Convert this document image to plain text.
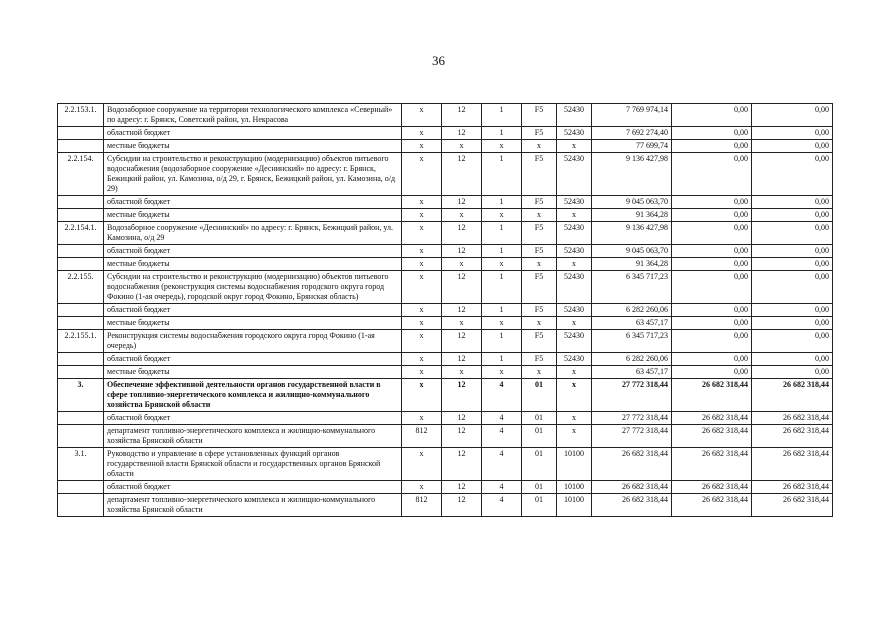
36
2.2.153.1.	Водозаборное сооружение на территории технологического комплекса «Северный» по адресу: г. Брянск, Советский район, ул. Некрасова	х	12	1	F5	52430	7 769 974,14	0,00	0,00
	областной бюджет	х	12	1	F5	52430	7 692 274,40	0,00	0,00
	местные бюджеты	х	х	х	х	х	77 699,74	0,00	0,00
2.2.154.	Субсидии на строительство и реконструкцию (модернизацию) объектов питьевого водоснабжения (водозаборное сооружение «Деснинский» по адресу: г. Брянск, Бежицкий район, ул. Камозина, о/д 29, г. Брянск, Бежицкий район, ул. Камозина, о/д 29)	х	12	1	F5	52430	9 136 427,98	0,00	0,00
	областной бюджет	х	12	1	F5	52430	9 045 063,70	0,00	0,00
	местные бюджеты	х	х	х	х	х	91 364,28	0,00	0,00
2.2.154.1.	Водозаборное сооружение «Деснинский» по адресу: г. Брянск, Бежицкий район, ул. Камозина, о/д 29	х	12	1	F5	52430	9 136 427,98	0,00	0,00
	областной бюджет	х	12	1	F5	52430	9 045 063,70	0,00	0,00
	местные бюджеты	х	х	х	х	х	91 364,28	0,00	0,00
2.2.155.	Субсидии на строительство и реконструкцию (модернизацию) объектов питьевого водоснабжения (реконструкция системы водоснабжения городского округа город Фокино (1-ая очередь), городской округ город Фокино, Брянская область)	х	12	1	F5	52430	6 345 717,23	0,00	0,00
	областной бюджет	х	12	1	F5	52430	6 282 260,06	0,00	0,00
	местные бюджеты	х	х	х	х	х	63 457,17	0,00	0,00
2.2.155.1.	Реконструкция системы водоснабжения городского округа город Фокино (1-ая очередь)	х	12	1	F5	52430	6 345 717,23	0,00	0,00
	областной бюджет	х	12	1	F5	52430	6 282 260,06	0,00	0,00
	местные бюджеты	х	х	х	х	х	63 457,17	0,00	0,00
3.	Обеспечение эффективной деятельности органов государственной власти в сфере топливно-энергетического комплекса и жилищно-коммунального хозяйства Брянской области	х	12	4	01	х	27 772 318,44	26 682 318,44	26 682 318,44
	областной бюджет	х	12	4	01	х	27 772 318,44	26 682 318,44	26 682 318,44
	департамент топливно-энергетического комплекса и жилищно-коммунального хозяйства Брянской области	812	12	4	01	х	27 772 318,44	26 682 318,44	26 682 318,44
3.1.	Руководство и управление в сфере установленных функций органов государственной власти Брянской области и государственных органов Брянской области	х	12	4	01	10100	26 682 318,44	26 682 318,44	26 682 318,44
	областной бюджет	х	12	4	01	10100	26 682 318,44	26 682 318,44	26 682 318,44
	департамент топливно-энергетического комплекса и жилищно-коммунального хозяйства Брянской области	812	12	4	01	10100	26 682 318,44	26 682 318,44	26 682 318,44
